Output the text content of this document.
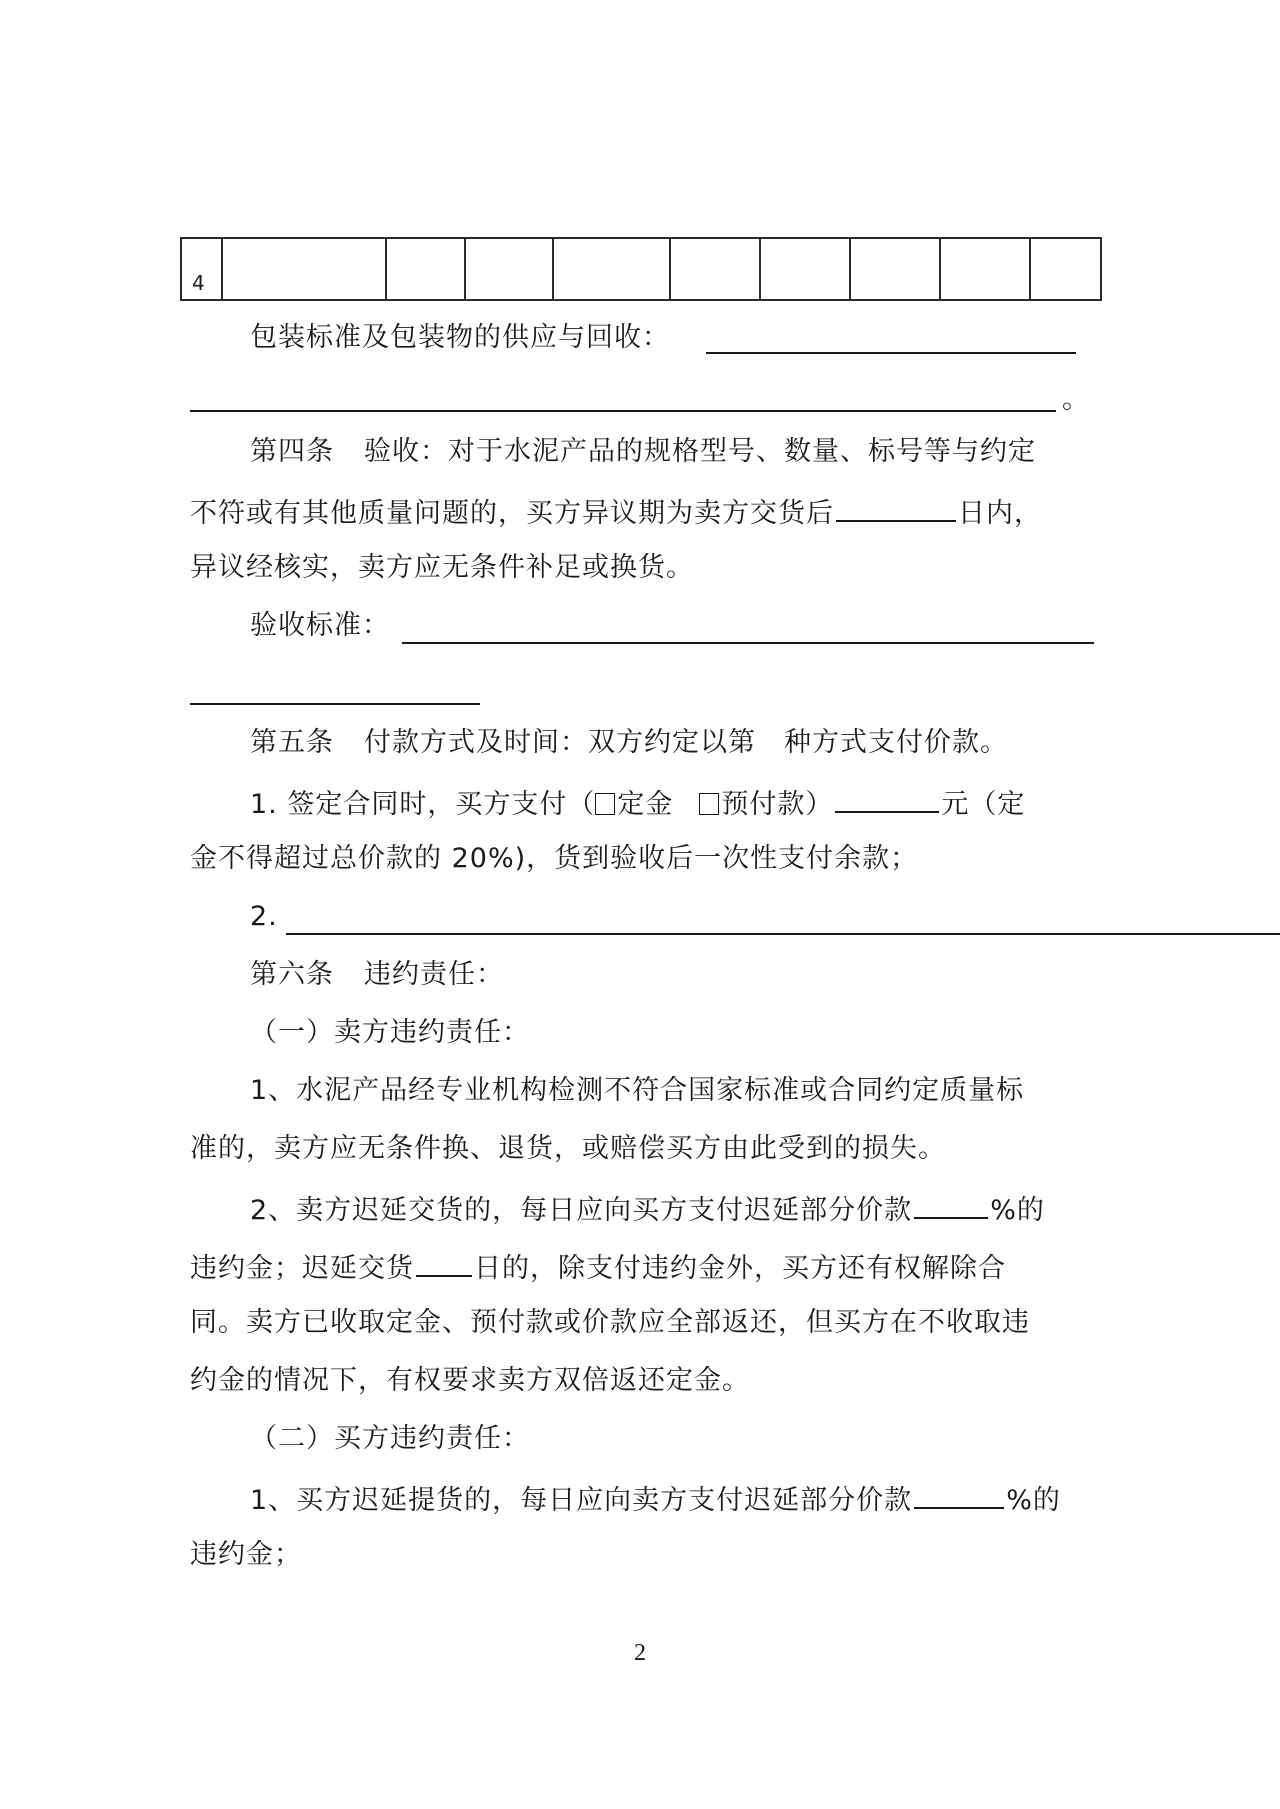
4									
包装标准及包装物的供应与回收：
。
第四条 验收：对于水泥产品的规格型号、数量、标号等与约定
不符或有其他质量问题的，买方异议期为卖方交货后	日内，
异议经核实，卖方应无条件补足或换货。
验收标准：
第五条 付款方式及时间：双方约定以第　种方式支付价款。
1. 签定合同时，买方支付（ 定金 预付款）	元（定
金不得超过总价款的 20%)，货到验收后一次性支付余款；
2.
第六条 违约责任：
（一）卖方违约责任：
1、水泥产品经专业机构检测不符合国家标准或合同约定质量标
准的，卖方应无条件换、退货，或赔偿买方由此受到的损失。
2、卖方迟延交货的，每日应向买方支付迟延部分价款	%的
违约金；迟延交货 日的，除支付违约金外，买方还有权解除合
同。卖方已收取定金、预付款或价款应全部返还，但买方在不收取违
约金的情况下，有权要求卖方双倍返还定金。
（二）买方违约责任：
1、买方迟延提货的，每日应向卖方支付迟延部分价款	%的
违约金；
2
